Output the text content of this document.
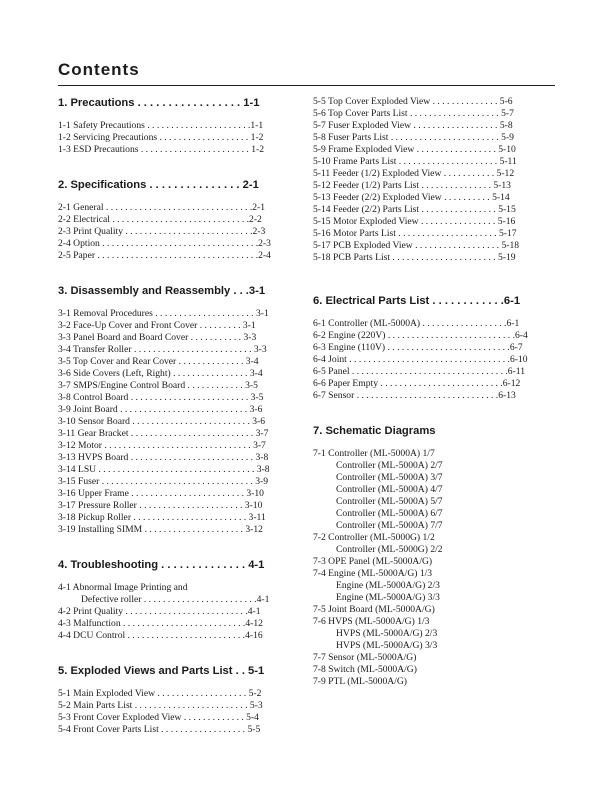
Contents
1. Precautions . . . . . . . . . . . . . . . . . 1-1
1-1 Safety Precautions . . . . . . . . . . . . . . . . . . . . . .1-1
1-2 Servicing Precautions . . . . . . . . . . . . . . . . . . . 1-2
1-3 ESD Precautions . . . . . . . . . . . . . . . . . . . . . . . 1-2
2. Specifications . . . . . . . . . . . . . . . 2-1
2-1 General . . . . . . . . . . . . . . . . . . . . . . . . . . . . . . .2-1
2-2 Electrical . . . . . . . . . . . . . . . . . . . . . . . . . . . . .2-2
2-3 Print Quality . . . . . . . . . . . . . . . . . . . . . . . . . . .2-3
2-4 Option . . . . . . . . . . . . . . . . . . . . . . . . . . . . . . . . .2-3
2-5 Paper . . . . . . . . . . . . . . . . . . . . . . . . . . . . . . . . . .2-4
3. Disassembly and Reassembly . . .3-1
3-1 Removal Procedures . . . . . . . . . . . . . . . . . . . . . 3-1
3-2 Face-Up Cover and Front Cover . . . . . . . . . 3-1
3-3 Panel Board and Board Cover . . . . . . . . . . . 3-3
3-4 Transfer Roller . . . . . . . . . . . . . . . . . . . . . . . . . 3-3
3-5 Top Cover and Rear Cover . . . . . . . . . . . . . . 3-4
3-6 Side Covers (Left, Right) . . . . . . . . . . . . . . . . 3-4
3-7 SMPS/Engine Control Board . . . . . . . . . . . . 3-5
3-8 Control Board . . . . . . . . . . . . . . . . . . . . . . . . . 3-5
3-9 Joint Board . . . . . . . . . . . . . . . . . . . . . . . . . . . 3-6
3-10 Sensor Board . . . . . . . . . . . . . . . . . . . . . . . . . 3-6
3-11 Gear Bracket . . . . . . . . . . . . . . . . . . . . . . . . . . 3-7
3-12 Motor . . . . . . . . . . . . . . . . . . . . . . . . . . . . . . . 3-7
3-13 HVPS Board . . . . . . . . . . . . . . . . . . . . . . . . . . 3-8
3-14 LSU . . . . . . . . . . . . . . . . . . . . . . . . . . . . . . . . . 3-8
3-15 Fuser . . . . . . . . . . . . . . . . . . . . . . . . . . . . . . . . 3-9
3-16 Upper Frame . . . . . . . . . . . . . . . . . . . . . . . . 3-10
3-17 Pressure Roller . . . . . . . . . . . . . . . . . . . . . . 3-10
3-18 Pickup Roller . . . . . . . . . . . . . . . . . . . . . . . . 3-11
3-19 Installing SIMM . . . . . . . . . . . . . . . . . . . . . 3-12
4. Troubleshooting . . . . . . . . . . . . . . 4-1
4-1 Abnormal Image Printing and
Defective roller . . . . . . . . . . . . . . . . . . . . . . . .4-1
4-2 Print Quality . . . . . . . . . . . . . . . . . . . . . . . . . .4-1
4-3 Malfunction . . . . . . . . . . . . . . . . . . . . . . . . . .4-12
4-4 DCU Control . . . . . . . . . . . . . . . . . . . . . . . . .4-16
5. Exploded Views and Parts List . . 5-1
5-1 Main Exploded View . . . . . . . . . . . . . . . . . . . 5-2
5-2 Main Parts List . . . . . . . . . . . . . . . . . . . . . . . . 5-3
5-3 Front Cover Exploded View . . . . . . . . . . . . . 5-4
5-4 Front Cover Parts List . . . . . . . . . . . . . . . . . . 5-5
5-5 Top Cover Exploded View . . . . . . . . . . . . . . 5-6
5-6 Top Cover Parts List . . . . . . . . . . . . . . . . . . . 5-7
5-7 Fuser Exploded View . . . . . . . . . . . . . . . . . . 5-8
5-8 Fuser Parts List . . . . . . . . . . . . . . . . . . . . . . . 5-9
5-9 Frame Exploded View . . . . . . . . . . . . . . . . . 5-10
5-10 Frame Parts List . . . . . . . . . . . . . . . . . . . . . 5-11
5-11 Feeder (1/2) Exploded View . . . . . . . . . . . 5-12
5-12 Feeder (1/2) Parts List . . . . . . . . . . . . . . . 5-13
5-13 Feeder (2/2) Exploded View . . . . . . . . . . 5-14
5-14 Feeder (2/2) Parts List . . . . . . . . . . . . . . . . 5-15
5-15 Motor Exploded View . . . . . . . . . . . . . . . . 5-16
5-16 Motor Parts List . . . . . . . . . . . . . . . . . . . . . 5-17
5-17 PCB Exploded View . . . . . . . . . . . . . . . . . . 5-18
5-18 PCB Parts List . . . . . . . . . . . . . . . . . . . . . . 5-19
6. Electrical Parts List . . . . . . . . . . . .6-1
6-1 Controller (ML-5000A) . . . . . . . . . . . . . . . . . .6-1
6-2 Engine (220V) . . . . . . . . . . . . . . . . . . . . . . . . . . .6-4
6-3 Engine (110V) . . . . . . . . . . . . . . . . . . . . . . . . . .6-7
6-4 Joint . . . . . . . . . . . . . . . . . . . . . . . . . . . . . . . . . .6-10
6-5 Panel . . . . . . . . . . . . . . . . . . . . . . . . . . . . . . . . .6-11
6-6 Paper Empty . . . . . . . . . . . . . . . . . . . . . . . . . .6-12
6-7 Sensor . . . . . . . . . . . . . . . . . . . . . . . . . . . . . .6-13
7. Schematic Diagrams
7-1 Controller (ML-5000A) 1/7
Controller (ML-5000A) 2/7
Controller (ML-5000A) 3/7
Controller (ML-5000A) 4/7
Controller (ML-5000A) 5/7
Controller (ML-5000A) 6/7
Controller (ML-5000A) 7/7
7-2 Controller (ML-5000G) 1/2
Controller (ML-5000G) 2/2
7-3 OPE Panel (ML-5000A/G)
7-4 Engine (ML-5000A/G) 1/3
Engine (ML-5000A/G) 2/3
Engine (ML-5000A/G) 3/3
7-5 Joint Board (ML-5000A/G)
7-6 HVPS (ML-5000A/G) 1/3
HVPS (ML-5000A/G) 2/3
HVPS (ML-5000A/G) 3/3
7-7 Sensor (ML-5000A/G)
7-8 Switch (ML-5000A/G)
7-9 PTL (ML-5000A/G)
